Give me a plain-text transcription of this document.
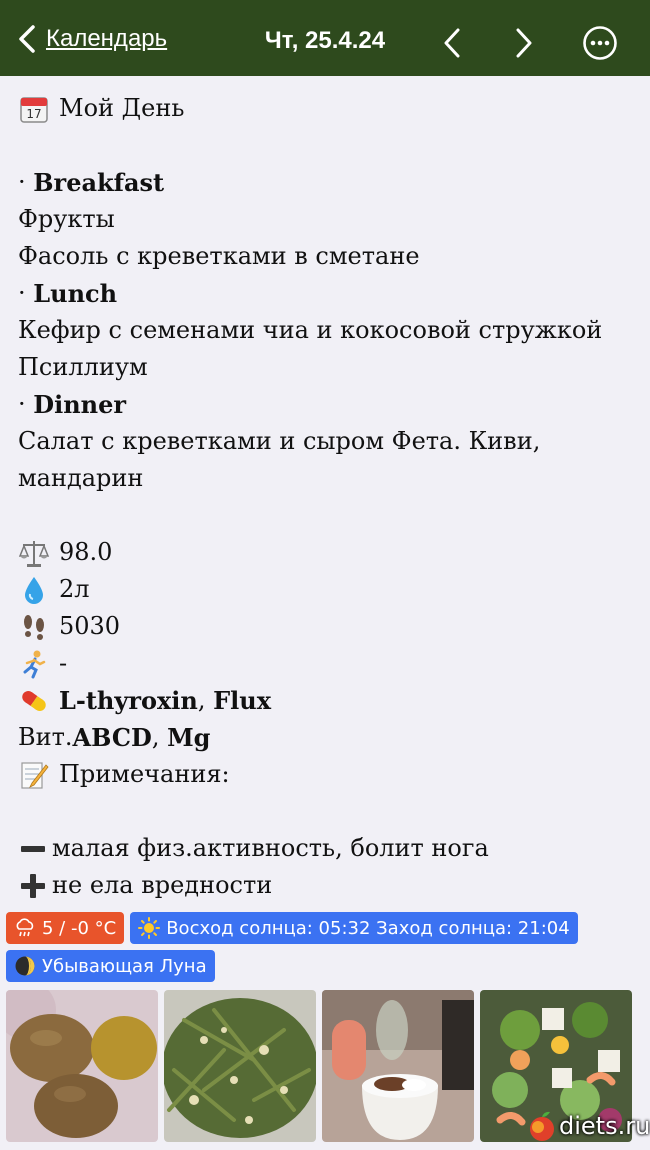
Календарь	Чт, 25.4.24
17 Мой День
· Breakfast
Фрукты
Фасоль с креветками в сметане
· Lunch
Кефир с семенами чиа и кокосовой стружкой
Псиллиум
· Dinner
Салат с креветками и сыром Фета. Киви, мандарин
98.0
2л
5030
-
L-thyroxin , Flux
Вит. ABCD , Mg
Примечания:
малая физ.активность, болит нога
не ела вредности
5 / -0 °C	Восход солнца: 05:32 Заход солнца: 21:04
Убывающая Луна
diets.ru
